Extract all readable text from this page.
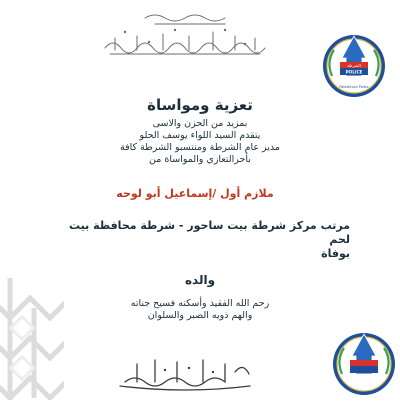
الشرطة
POLICE
Palestinian Police
تعزية ومواساة
بمزيد من الحزن والاسى
يتقدم السيد اللواء يوسف الحلو
مدير عام الشرطة ومنتسبو الشرطة كافة
بأحرالتعازي والمواساة من
ملازم أول /إسماعيل أبو لوحه
مرتب مركز شرطة بيت ساحور - شرطة محافظة بيت لحم
بوفاة
والده
رحم الله الفقيد وأسكنه فسيح جناته
والهم ذويه الصبر والسلوان
